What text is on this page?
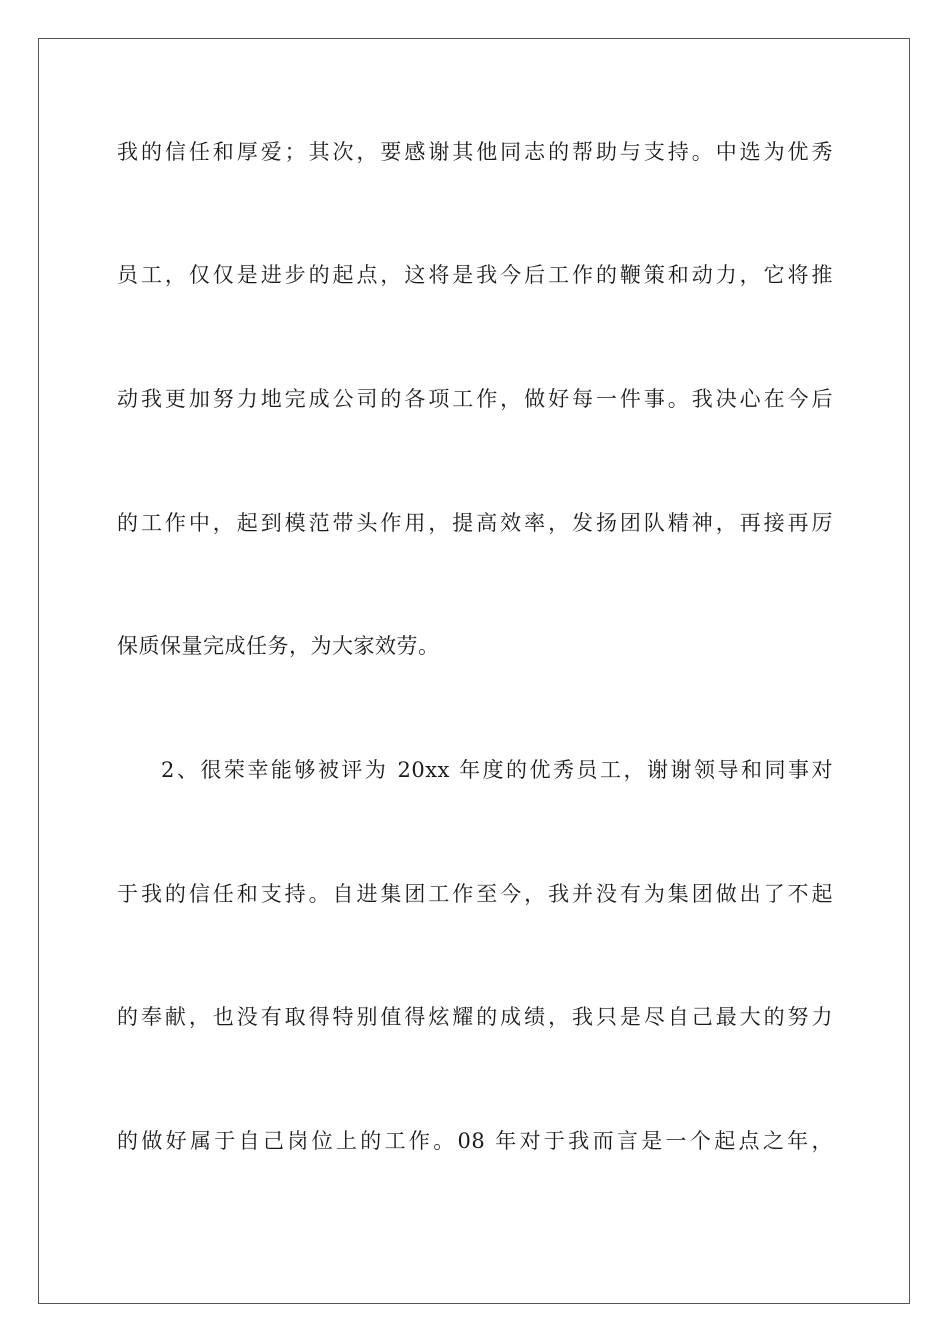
我的信任和厚爱；其次，要感谢其他同志的帮助与支持。中选为优秀
员工，仅仅是进步的起点，这将是我今后工作的鞭策和动力，它将推
动我更加努力地完成公司的各项工作，做好每一件事。我决心在今后
的工作中，起到模范带头作用，提高效率，发扬团队精神，再接再厉
保质保量完成任务，为大家效劳。
2、很荣幸能够被评为 20xx 年度的优秀员工，谢谢领导和同事对
于我的信任和支持。自进集团工作至今，我并没有为集团做出了不起
的奉献，也没有取得特别值得炫耀的成绩，我只是尽自己最大的努力
的做好属于自己岗位上的工作。08 年对于我而言是一个起点之年，
